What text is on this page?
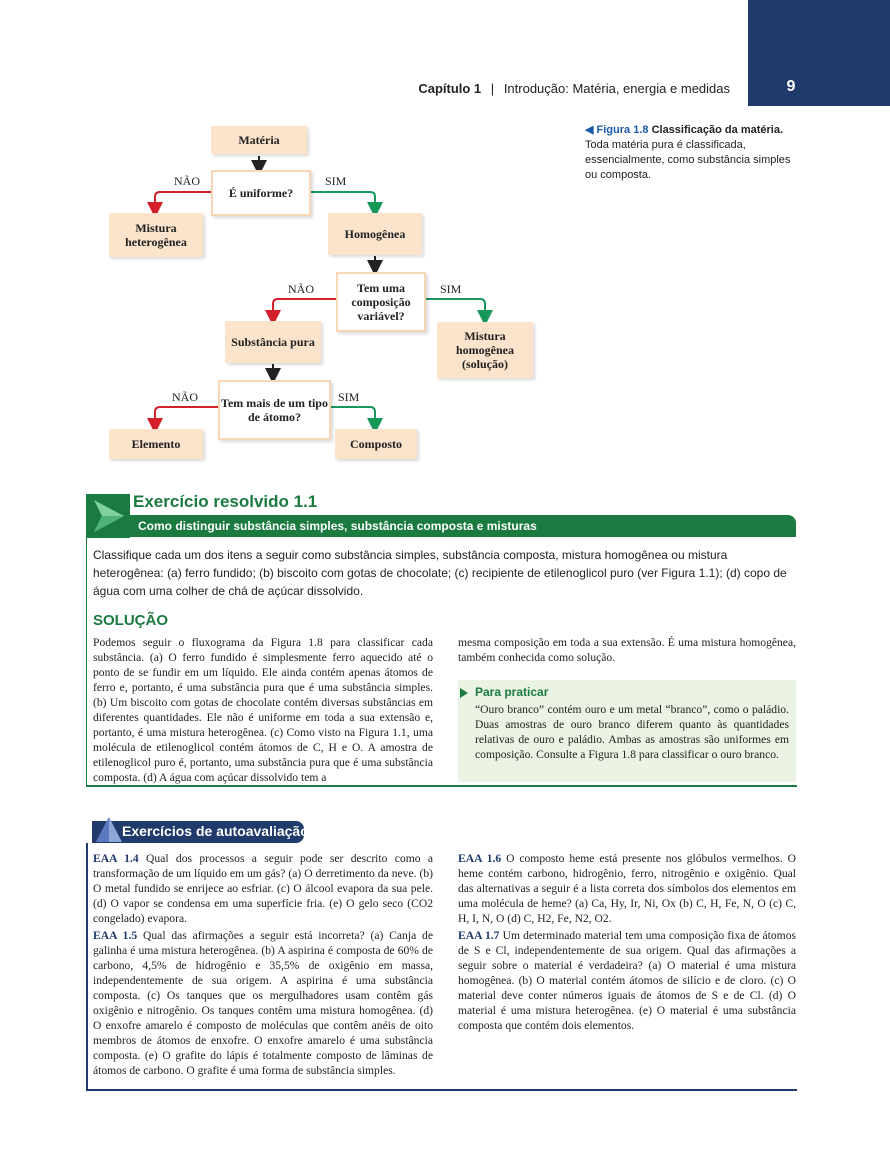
9
Capítulo 1 | Introdução: Matéria, energia e medidas
Matéria
É uniforme?
NÃO	SIM
Mistura heterogênea
Homogênea
Tem uma composição variável?
NÃO	SIM
Substância pura	Mistura homogênea (solução)
Tem mais de um tipo de átomo?
NÃO	SIM
Elemento	Composto
◀ Figura 1.8 Classificação da matéria. Toda matéria pura é classificada, essencialmente, como substância simples ou composta.
Exercício resolvido 1.1
Como distinguir substância simples, substância composta e misturas
Classifique cada um dos itens a seguir como substância simples, substância composta, mistura homogênea ou mistura heterogênea: (a) ferro fundido; (b) biscoito com gotas de chocolate; (c) recipiente de etilenoglicol puro (ver Figura 1.1); (d) copo de água com uma colher de chá de açúcar dissolvido.
SOLUÇÃO
Podemos seguir o fluxograma da Figura 1.8 para classificar cada substância. (a) O ferro fundido é simplesmente ferro aquecido até o ponto de se fundir em um líquido. Ele ainda contém apenas átomos de ferro e, portanto, é uma substância pura que é uma substância simples. (b) Um biscoito com gotas de chocolate contém diversas substâncias em diferentes quantidades. Ele não é uniforme em toda a sua extensão e, portanto, é uma mistura heterogênea. (c) Como visto na Figura 1.1, uma molécula de etilenoglicol contém átomos de C, H e O. A amostra de etilenoglicol puro é, portanto, uma substância pura que é uma substância composta. (d) A água com açúcar dissolvido tem a
mesma composição em toda a sua extensão. É uma mistura homogênea, também conhecida como solução.
Para praticar
“Ouro branco” contém ouro e um metal “branco”, como o paládio. Duas amostras de ouro branco diferem quanto às quantidades relativas de ouro e paládio. Ambas as amostras são uniformes em composição. Consulte a Figura 1.8 para classificar o ouro branco.
Exercícios de autoavaliação
EAA 1.4 Qual dos processos a seguir pode ser descrito como a transformação de um líquido em um gás? (a) O derretimento da neve. (b) O metal fundido se enrijece ao esfriar. (c) O álcool evapora da sua pele. (d) O vapor se condensa em uma superfície fria. (e) O gelo seco (CO2 congelado) evapora.
EAA 1.5 Qual das afirmações a seguir está incorreta? (a) Canja de galinha é uma mistura heterogênea. (b) A aspirina é composta de 60% de carbono, 4,5% de hidrogênio e 35,5% de oxigênio em massa, independentemente de sua origem. A aspirina é uma substância composta. (c) Os tanques que os mergulhadores usam contêm gás oxigênio e nitrogênio. Os tanques contêm uma mistura homogênea. (d) O enxofre amarelo é composto de moléculas que contêm anéis de oito membros de átomos de enxofre. O enxofre amarelo é uma substância composta. (e) O grafite do lápis é totalmente composto de lâminas de átomos de carbono. O grafite é uma forma de substância simples.
EAA 1.6 O composto heme está presente nos glóbulos vermelhos. O heme contém carbono, hidrogênio, ferro, nitrogênio e oxigênio. Qual das alternativas a seguir é a lista correta dos símbolos dos elementos em uma molécula de heme? (a) Ca, Hy, Ir, Ni, Ox (b) C, H, Fe, N, O (c) C, H, I, N, O (d) C, H2, Fe, N2, O2.
EAA 1.7 Um determinado material tem uma composição fixa de átomos de S e Cl, independentemente de sua origem. Qual das afirmações a seguir sobre o material é verdadeira? (a) O material é uma mistura homogênea. (b) O material contém átomos de silício e de cloro. (c) O material deve conter números iguais de átomos de S e de Cl. (d) O material é uma mistura heterogênea. (e) O material é uma substância composta que contém dois elementos.
